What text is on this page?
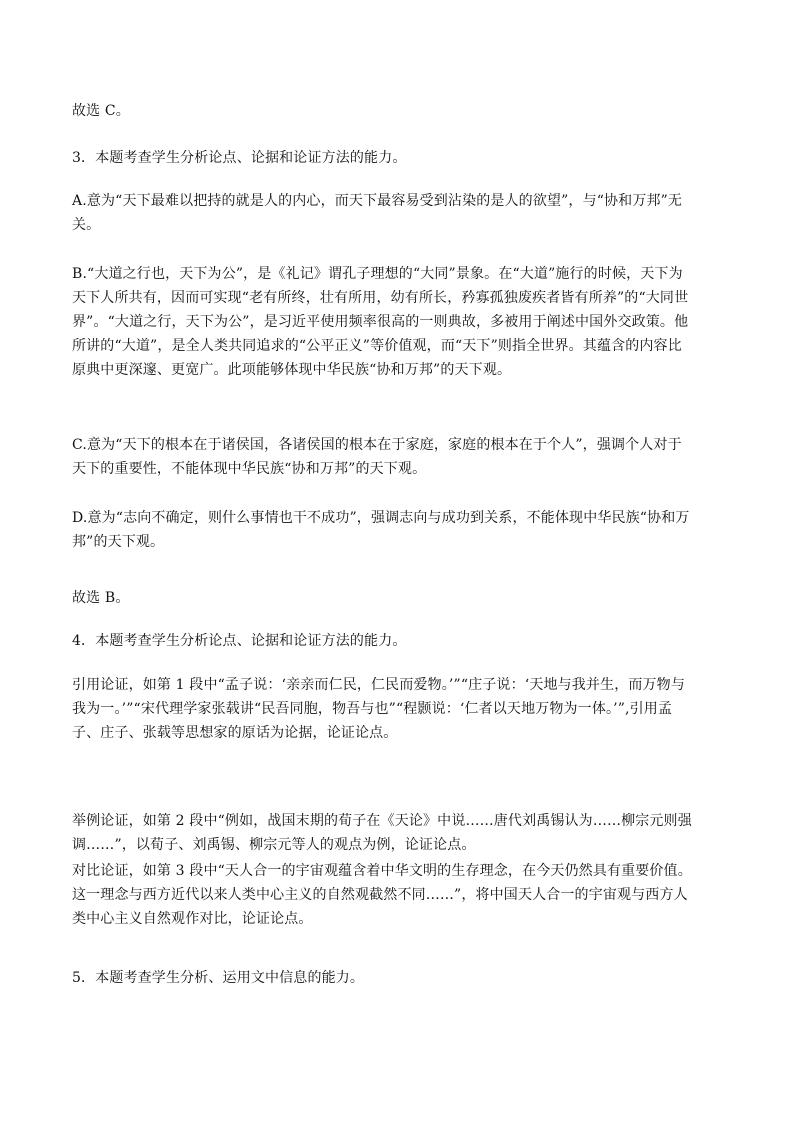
故选 C。
3．本题考查学生分析论点、论据和论证方法的能力。
A.意为“天下最难以把持的就是人的内心，而天下最容易受到沾染的是人的欲望”，与“协和万邦”无
关。
B.“大道之行也，天下为公”，是《礼记》谓孔子理想的“大同”景象。在“大道”施行的时候，天下为
天下人所共有，因而可实现“老有所终，壮有所用，幼有所长，矜寡孤独废疾者皆有所养”的“大同世
界”。“大道之行，天下为公”，是习近平使用频率很高的一则典故，多被用于阐述中国外交政策。他
所讲的“大道”，是全人类共同追求的“公平正义”等价值观，而“天下”则指全世界。其蕴含的内容比
原典中更深邃、更宽广。此项能够体现中华民族“协和万邦”的天下观。
C.意为“天下的根本在于诸侯国，各诸侯国的根本在于家庭，家庭的根本在于个人”，强调个人对于
天下的重要性，不能体现中华民族“协和万邦”的天下观。
D.意为“志向不确定，则什么事情也干不成功”，强调志向与成功到关系，不能体现中华民族“协和万
邦”的天下观。
故选 B。
4．本题考查学生分析论点、论据和论证方法的能力。
引用论证，如第 1 段中“孟子说：‘亲亲而仁民，仁民而爱物。’”“庄子说：‘天地与我并生，而万物与
我为一。’”“宋代理学家张载讲“民吾同胞，物吾与也”“程颢说：‘仁者以天地万物为一体。’”,引用孟
子、庄子、张载等思想家的原话为论据，论证论点。
举例论证，如第 2 段中“例如，战国末期的荀子在《天论》中说……唐代刘禹锡认为……柳宗元则强
调……”，以荀子、刘禹锡、柳宗元等人的观点为例，论证论点。
对比论证，如第 3 段中“天人合一的宇宙观蕴含着中华文明的生存理念，在今天仍然具有重要价值。
这一理念与西方近代以来人类中心主义的自然观截然不同……”，将中国天人合一的宇宙观与西方人
类中心主义自然观作对比，论证论点。
5．本题考查学生分析、运用文中信息的能力。
